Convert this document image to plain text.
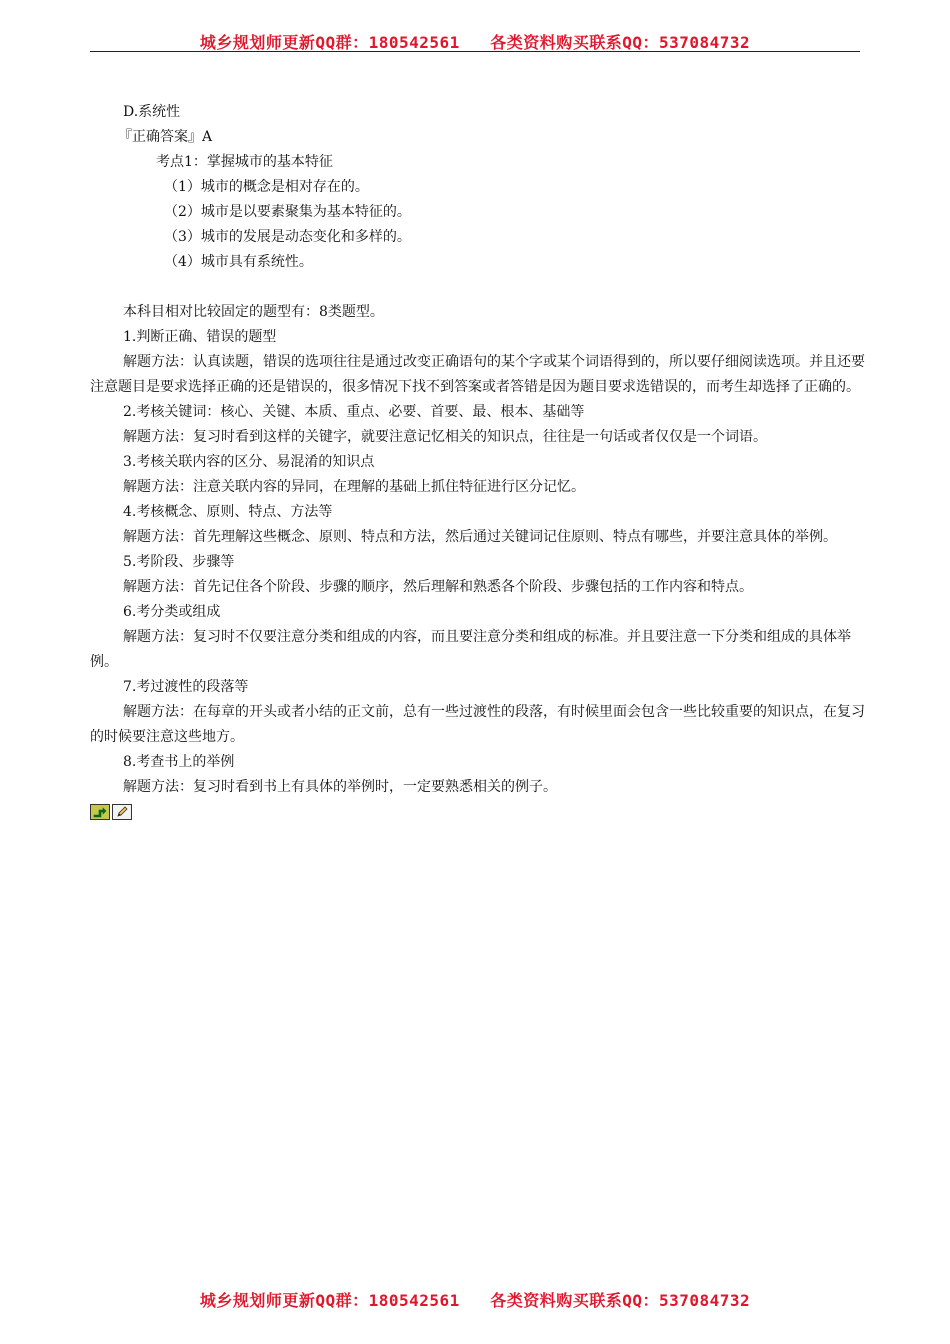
城乡规划师更新QQ群：180542561   各类资料购买联系QQ：537084732
D.系统性
『正确答案』A
考点1：掌握城市的基本特征
（1）城市的概念是相对存在的。
（2）城市是以要素聚集为基本特征的。
（3）城市的发展是动态变化和多样的。
（4）城市具有系统性。
本科目相对比较固定的题型有：8类题型。
1.判断正确、错误的题型
解题方法：认真读题，错误的选项往往是通过改变正确语句的某个字或某个词语得到的，所以要仔细阅读选项。并且还要注意题目是要求选择正确的还是错误的，很多情况下找不到答案或者答错是因为题目要求选错误的，而考生却选择了正确的。
2.考核关键词：核心、关键、本质、重点、必要、首要、最、根本、基础等
解题方法：复习时看到这样的关键字，就要注意记忆相关的知识点，往往是一句话或者仅仅是一个词语。
3.考核关联内容的区分、易混淆的知识点
解题方法：注意关联内容的异同，在理解的基础上抓住特征进行区分记忆。
4.考核概念、原则、特点、方法等
解题方法：首先理解这些概念、原则、特点和方法，然后通过关键词记住原则、特点有哪些，并要注意具体的举例。
5.考阶段、步骤等
解题方法：首先记住各个阶段、步骤的顺序，然后理解和熟悉各个阶段、步骤包括的工作内容和特点。
6.考分类或组成
解题方法：复习时不仅要注意分类和组成的内容，而且要注意分类和组成的标准。并且要注意一下分类和组成的具体举例。
7.考过渡性的段落等
解题方法：在每章的开头或者小结的正文前，总有一些过渡性的段落，有时候里面会包含一些比较重要的知识点，在复习的时候要注意这些地方。
8.考查书上的举例
解题方法：复习时看到书上有具体的举例时，一定要熟悉相关的例子。
城乡规划师更新QQ群：180542561   各类资料购买联系QQ：537084732
